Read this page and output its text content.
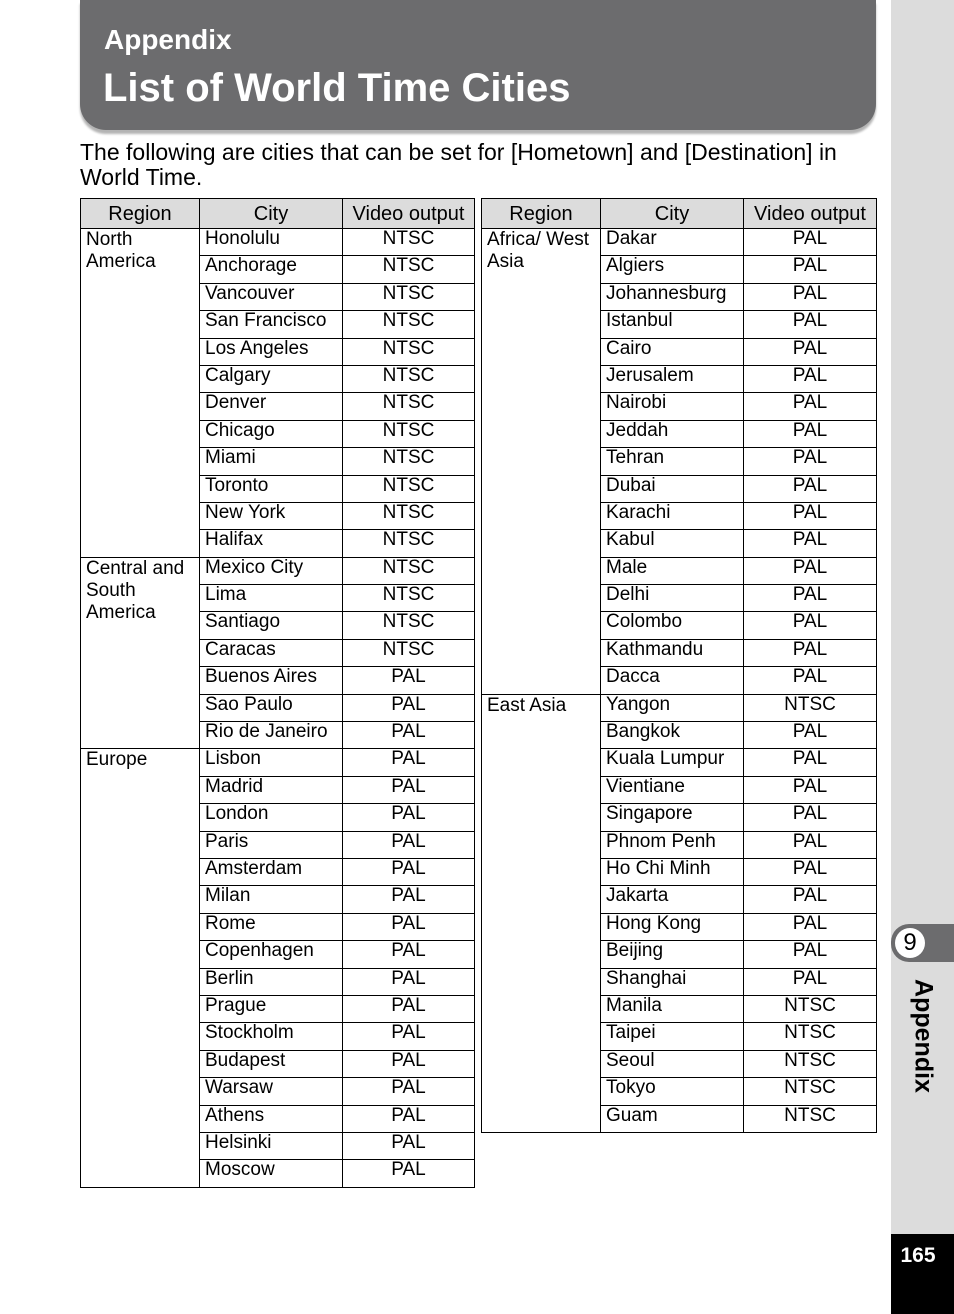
Appendix
List of World Time Cities
The following are cities that can be set for [Hometown] and [Destination] in World Time.
Region	City	Video output
North America	Honolulu	NTSC
	Anchorage	NTSC
	Vancouver	NTSC
	San Francisco	NTSC
	Los Angeles	NTSC
	Calgary	NTSC
	Denver	NTSC
	Chicago	NTSC
	Miami	NTSC
	Toronto	NTSC
	New York	NTSC
	Halifax	NTSC
Central and South America	Mexico City	NTSC
	Lima	NTSC
	Santiago	NTSC
	Caracas	NTSC
	Buenos Aires	PAL
	Sao Paulo	PAL
	Rio de Janeiro	PAL
Europe	Lisbon	PAL
	Madrid	PAL
	London	PAL
	Paris	PAL
	Amsterdam	PAL
	Milan	PAL
	Rome	PAL
	Copenhagen	PAL
	Berlin	PAL
	Prague	PAL
	Stockholm	PAL
	Budapest	PAL
	Warsaw	PAL
	Athens	PAL
	Helsinki	PAL
	Moscow	PAL
Region	City	Video output
Africa/ West Asia	Dakar	PAL
	Algiers	PAL
	Johannesburg	PAL
	Istanbul	PAL
	Cairo	PAL
	Jerusalem	PAL
	Nairobi	PAL
	Jeddah	PAL
	Tehran	PAL
	Dubai	PAL
	Karachi	PAL
	Kabul	PAL
	Male	PAL
	Delhi	PAL
	Colombo	PAL
	Kathmandu	PAL
	Dacca	PAL
East Asia	Yangon	NTSC
	Bangkok	PAL
	Kuala Lumpur	PAL
	Vientiane	PAL
	Singapore	PAL
	Phnom Penh	PAL
	Ho Chi Minh	PAL
	Jakarta	PAL
	Hong Kong	PAL
	Beijing	PAL
	Shanghai	PAL
	Manila	NTSC
	Taipei	NTSC
	Seoul	NTSC
	Tokyo	NTSC
	Guam	NTSC
9
Appendix
165
